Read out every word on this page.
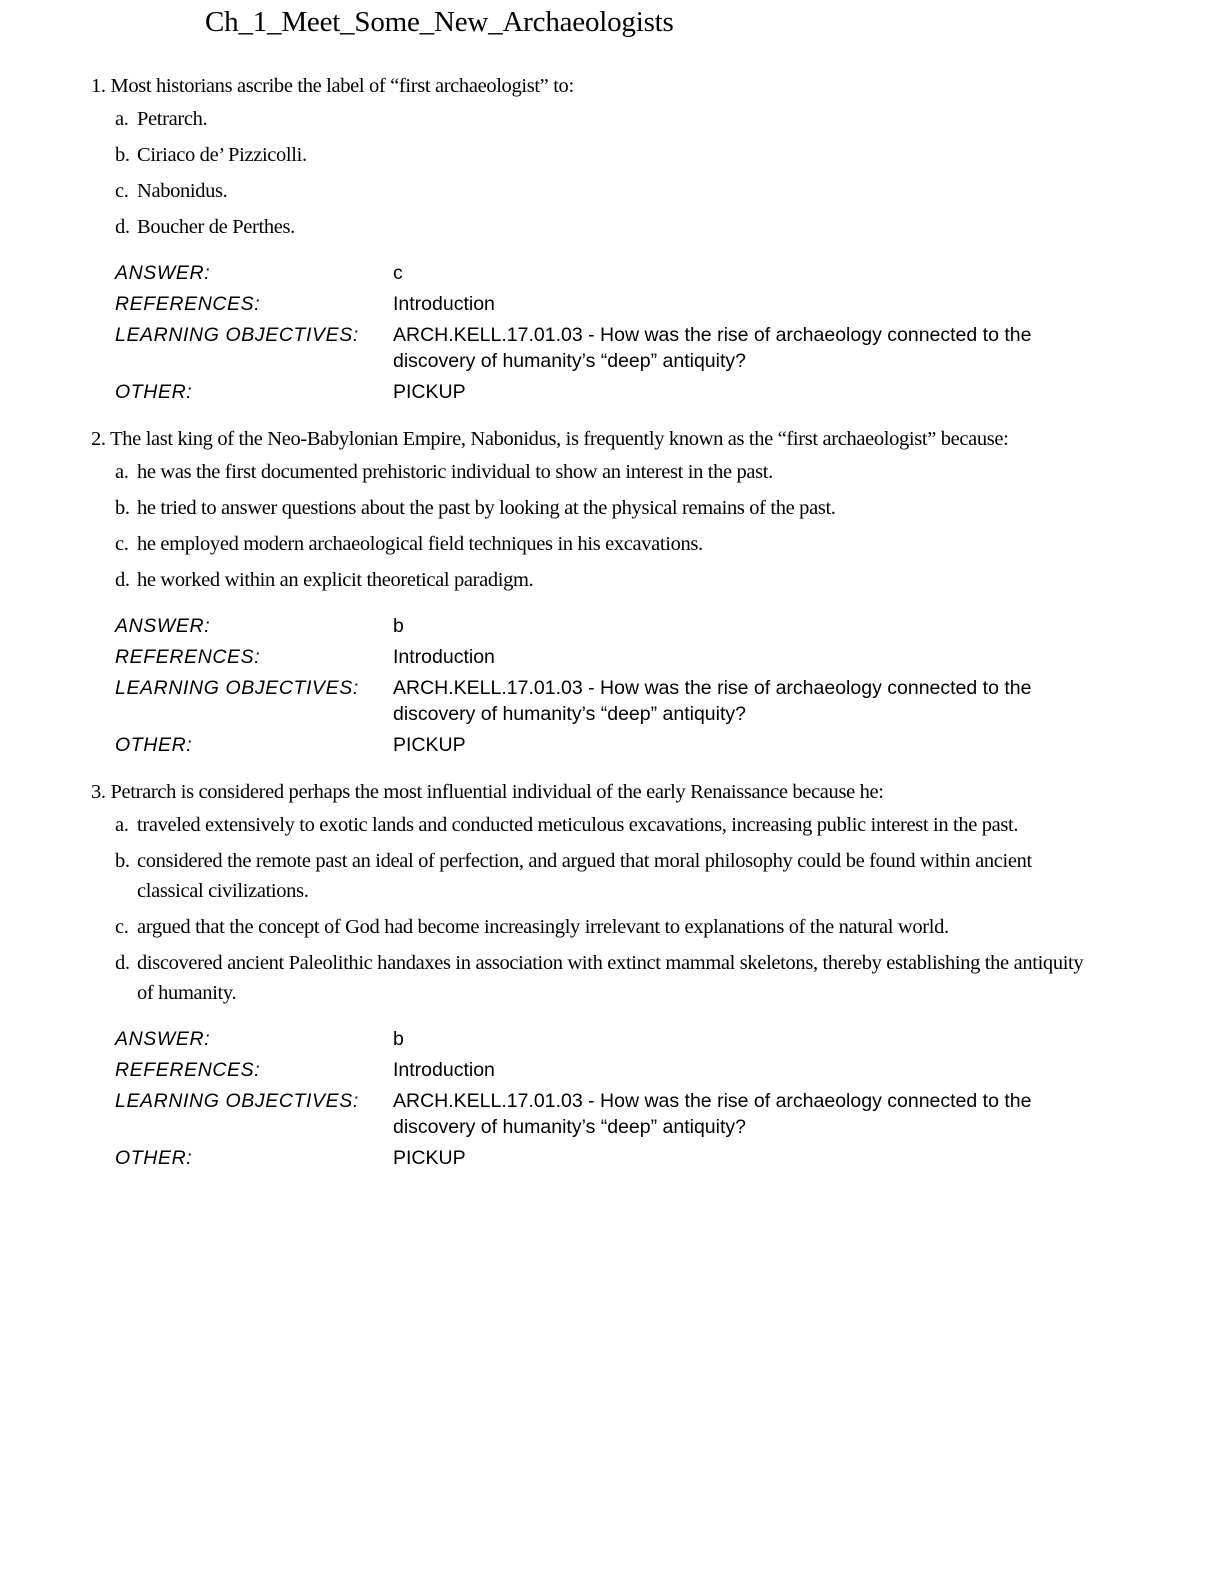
Ch_1_Meet_Some_New_Archaeologists
1. Most historians ascribe the label of “first archaeologist” to:
a. Petrarch.
b. Ciriaco de’ Pizzicolli.
c. Nabonidus.
d. Boucher de Perthes.
ANSWER:	c
REFERENCES:	Introduction
LEARNING OBJECTIVES:	ARCH.KELL.17.01.03 - How was the rise of archaeology connected to the discovery of humanity’s “deep” antiquity?
OTHER:	PICKUP
2. The last king of the Neo-Babylonian Empire, Nabonidus, is frequently known as the “first archaeologist” because:
a. he was the first documented prehistoric individual to show an interest in the past.
b. he tried to answer questions about the past by looking at the physical remains of the past.
c. he employed modern archaeological field techniques in his excavations.
d. he worked within an explicit theoretical paradigm.
ANSWER:	b
REFERENCES:	Introduction
LEARNING OBJECTIVES:	ARCH.KELL.17.01.03 - How was the rise of archaeology connected to the discovery of humanity’s “deep” antiquity?
OTHER:	PICKUP
3. Petrarch is considered perhaps the most influential individual of the early Renaissance because he:
a. traveled extensively to exotic lands and conducted meticulous excavations, increasing public interest in the past.
b. considered the remote past an ideal of perfection, and argued that moral philosophy could be found within ancient classical civilizations.
c. argued that the concept of God had become increasingly irrelevant to explanations of the natural world.
d. discovered ancient Paleolithic handaxes in association with extinct mammal skeletons, thereby establishing the antiquity of humanity.
ANSWER:	b
REFERENCES:	Introduction
LEARNING OBJECTIVES:	ARCH.KELL.17.01.03 - How was the rise of archaeology connected to the discovery of humanity’s “deep” antiquity?
OTHER:	PICKUP
